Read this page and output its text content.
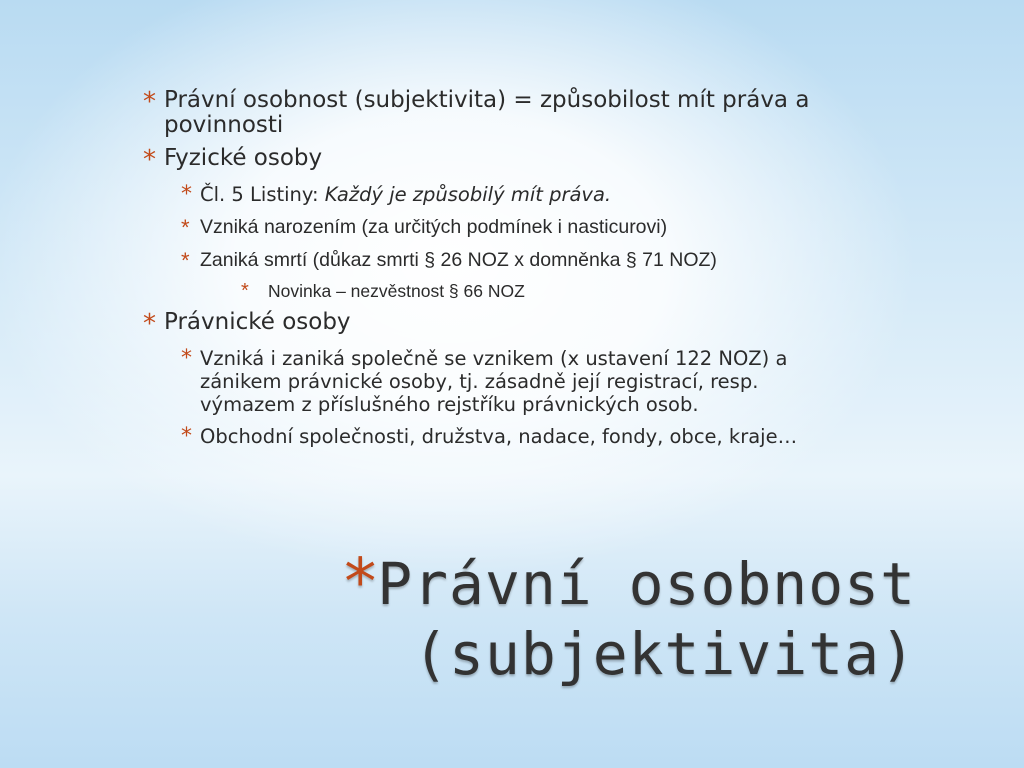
* Právní osobnost (subjektivita) = způsobilost mít práva a povinnosti
* Fyzické osoby
* Čl. 5 Listiny: Každý je způsobilý mít práva.
* Vzniká narozením (za určitých podmínek i nasticurovi)
* Zaniká smrtí (důkaz smrti § 26 NOZ x domněnka § 71 NOZ)
*	Novinka – nezvěstnost § 66 NOZ
* Právnické osoby
* Vzniká i zaniká společně se vznikem (x ustavení 122 NOZ) a zánikem právnické osoby, tj. zásadně její registrací, resp. výmazem z příslušného rejstříku právnických osob.
* Obchodní společnosti, družstva, nadace, fondy, obce, kraje…
*Právní osobnost
(subjektivita)
